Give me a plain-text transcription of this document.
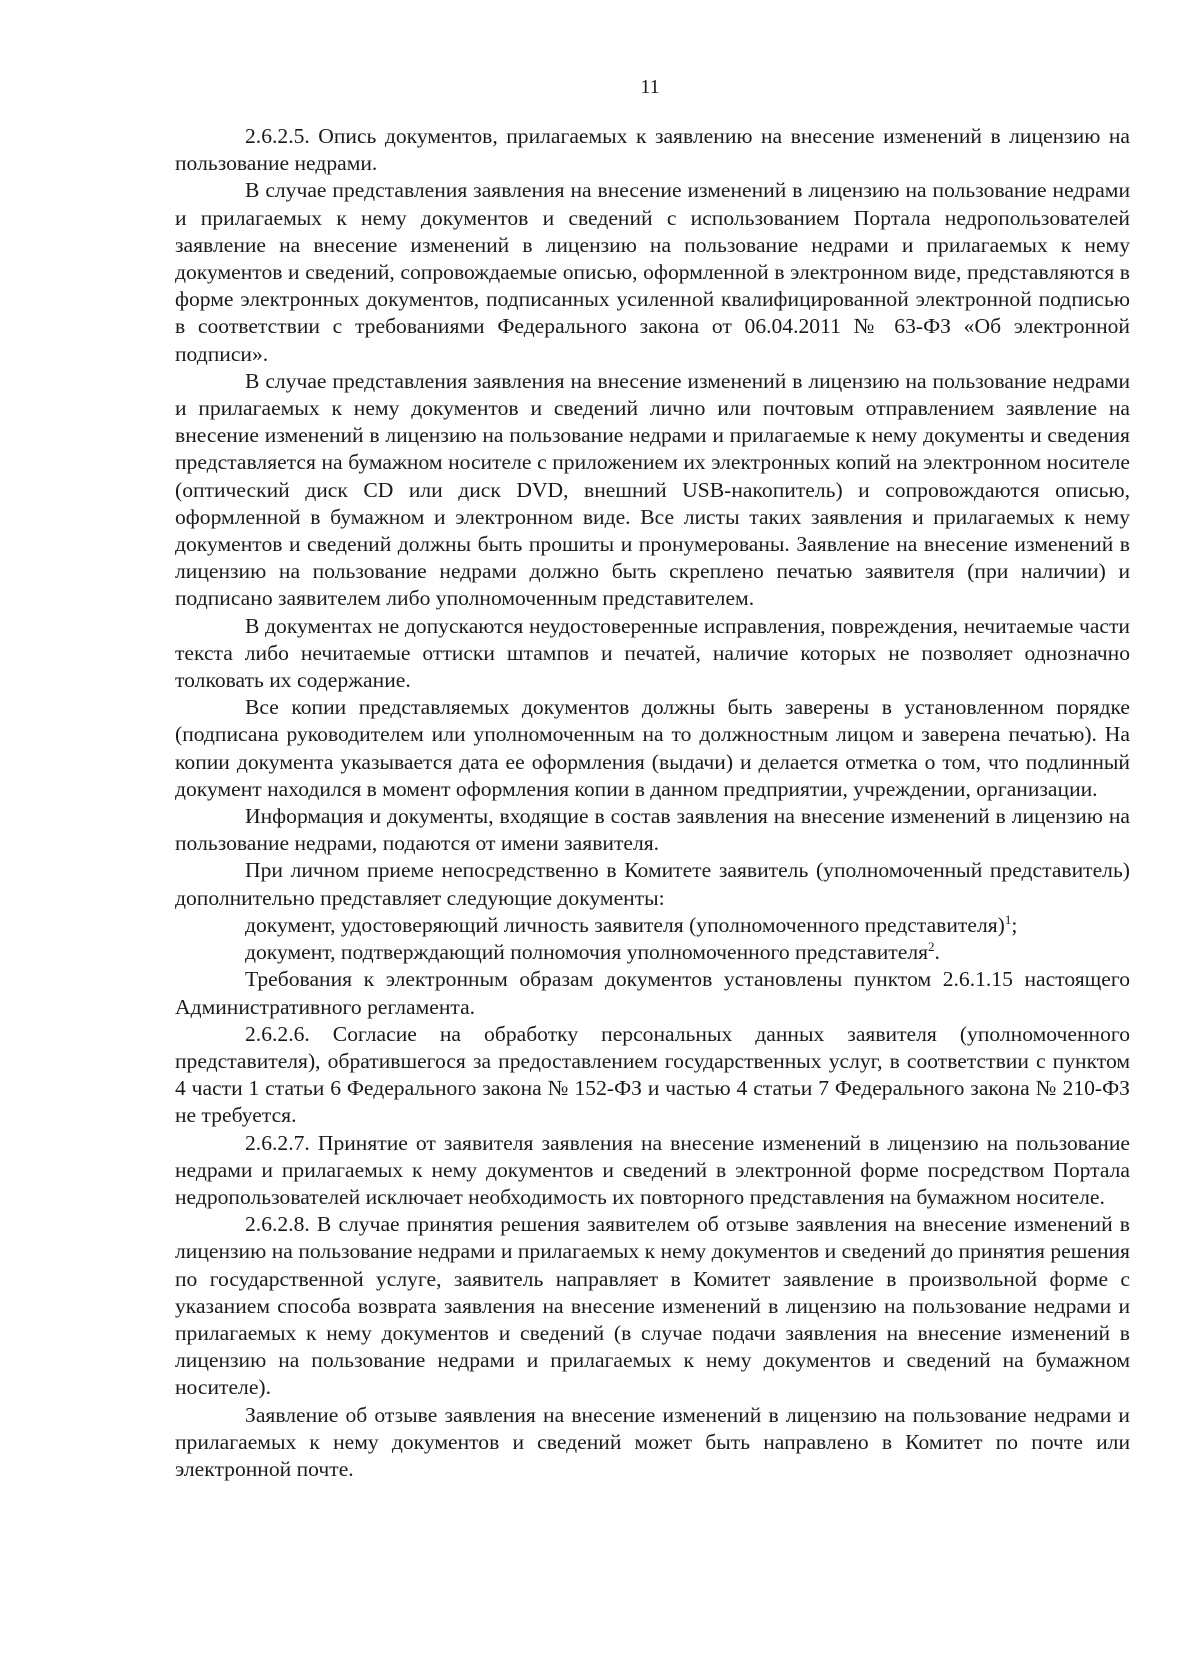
11

2.6.2.5. Опись документов, прилагаемых к заявлению на внесение изменений в лицензию на пользование недрами.

В случае представления заявления на внесение изменений в лицензию на пользование недрами и прилагаемых к нему документов и сведений с использованием Портала недропользователей заявление на внесение изменений в лицензию на пользование недрами и прилагаемых к нему документов и сведений, сопровождаемые описью, оформленной в электронном виде, представляются в форме электронных документов, подписанных усиленной квалифицированной электронной подписью в соответствии с требованиями Федерального закона от 06.04.2011 № 63-ФЗ «Об электронной подписи».

В случае представления заявления на внесение изменений в лицензию на пользование недрами и прилагаемых к нему документов и сведений лично или почтовым отправлением заявление на внесение изменений в лицензию на пользование недрами и прилагаемые к нему документы и сведения представляется на бумажном носителе с приложением их электронных копий на электронном носителе (оптический диск CD или диск DVD, внешний USB-накопитель) и сопровождаются описью, оформленной в бумажном и электронном виде. Все листы таких заявления и прилагаемых к нему документов и сведений должны быть прошиты и пронумерованы. Заявление на внесение изменений в лицензию на пользование недрами должно быть скреплено печатью заявителя (при наличии) и подписано заявителем либо уполномоченным представителем.

В документах не допускаются неудостоверенные исправления, повреждения, нечитаемые части текста либо нечитаемые оттиски штампов и печатей, наличие которых не позволяет однозначно толковать их содержание.

Все копии представляемых документов должны быть заверены в установленном порядке (подписана руководителем или уполномоченным на то должностным лицом и заверена печатью). На копии документа указывается дата ее оформления (выдачи) и делается отметка о том, что подлинный документ находился в момент оформления копии в данном предприятии, учреждении, организации.

Информация и документы, входящие в состав заявления на внесение изменений в лицензию на пользование недрами, подаются от имени заявителя.

При личном приеме непосредственно в Комитете заявитель (уполномоченный представитель) дополнительно представляет следующие документы:

документ, удостоверяющий личность заявителя (уполномоченного представителя)$^1$;

документ, подтверждающий полномочия уполномоченного представителя$^2$.

Требования к электронным образам документов установлены пунктом 2.6.1.15 настоящего Административного регламента.

2.6.2.6. Согласие на обработку персональных данных заявителя (уполномоченного представителя), обратившегося за предоставлением государственных услуг, в соответствии с пунктом 4 части 1 статьи 6 Федерального закона № 152-ФЗ и частью 4 статьи 7 Федерального закона № 210-ФЗ не требуется.

2.6.2.7. Принятие от заявителя заявления на внесение изменений в лицензию на пользование недрами и прилагаемых к нему документов и сведений в электронной форме посредством Портала недропользователей исключает необходимость их повторного представления на бумажном носителе.

2.6.2.8. В случае принятия решения заявителем об отзыве заявления на внесение изменений в лицензию на пользование недрами и прилагаемых к нему документов и сведений до принятия решения по государственной услуге, заявитель направляет в Комитет заявление в произвольной форме с указанием способа возврата заявления на внесение изменений в лицензию на пользование недрами и прилагаемых к нему документов и сведений (в случае подачи заявления на внесение изменений в лицензию на пользование недрами и прилагаемых к нему документов и сведений на бумажном носителе).

Заявление об отзыве заявления на внесение изменений в лицензию на пользование недрами и прилагаемых к нему документов и сведений может быть направлено в Комитет по почте или электронной почте.
